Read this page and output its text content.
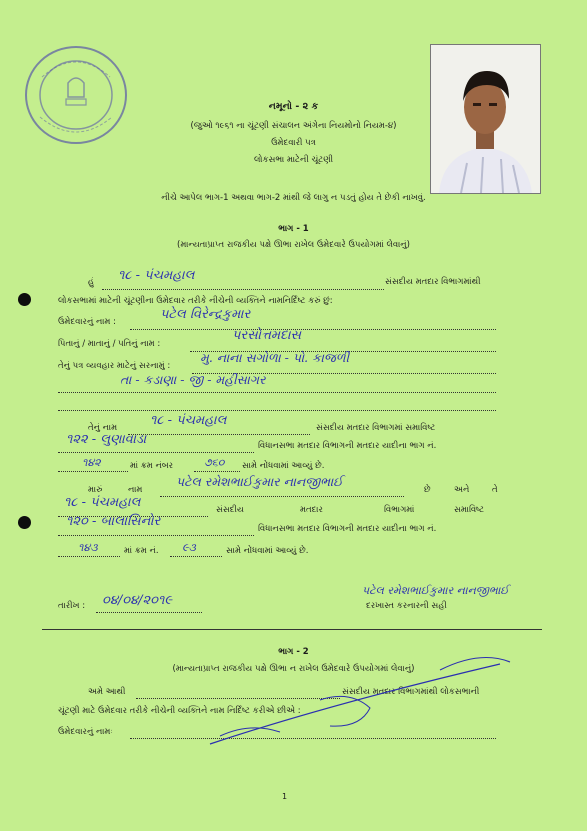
નમૂનો - ૨ ક
(જુઓ ૧૯૬૧ ના ચૂંટણી સંચાલન અંગેના નિયમોનો નિયમ-૪)
ઉમેદવારી પત્ર
લોકસભા માટેની ચૂંટણી
નીચે આપેલ ભાગ-1 અથવા ભાગ-2 માંથી જે લાગુ ન પડતું હોય તે છેકી નાખવું.
ભાગ - 1
(માન્યતાપ્રાપ્ત રાજકીય પક્ષે ઊભા રાખેલ ઉમેદવારે ઉપયોગમાં લેવાનું)
હું ૧૮ - પંચમહાલ	સંસદીય મતદાર વિભાગમાંથી
લોકસભામાં માટેની ચૂંટણીના ઉમેદવાર તરીકે નીચેની વ્યક્તિને નામનિર્દિષ્ટ કરું છું:
ઉમેદવારનું નામ :	પટેલ વિરેન્દ્રકુમાર
પિતાનું / માતાનું / પતિનું નામ :
પરસોત્તમદાસ
તેનું પત્ર વ્યવહાર માટેનું સરનામું :
મુ. નાના સગોળા - પો. કાજળી
તા - કડાણા - જી - મહીસાગર
તેનું નામ	૧૮ - પંચમહાલ	સંસદીય મતદાર વિભાગમાં સમાવિષ્ટ
૧૨૨ - લુણાવાડા	વિધાનસભા મતદાર વિભાગની મતદાર યાદીના ભાગ નં.
૧૪૨	માં ક્રમ નંબર	૭૬૦ સામે નોંધવામાં આવ્યું છે.
મારું	નામ
પટેલ રમેશભાઈકુમાર નાનજીભાઈ
છે	અને	તે
૧૮ - પંચમહાલ	સંસદીય	મતદાર	વિભાગમાં	સમાવિષ્ટ
૧૨૦ - બાલાસિનોર	વિધાનસભા મતદાર વિભાગની મતદાર યાદીના ભાગ નં.
૧૪૩	માં ક્રમ નં. ૯૩	સામે નોંધવામાં આવ્યું છે.
તારીખ : ૦૪/૦૪/૨૦૧૯
પટેલ રમેશભાઈકુમાર નાનજીભાઈ
દરખાસ્ત કરનારની સહી
ભાગ - 2
(માન્યતાપ્રાપ્ત રાજકીય પક્ષે ઊભા ન રાખેલ ઉમેદવારે ઉપયોગમાં લેવાનું)
અમે આથી	સંસદીય મતદાર વિભાગમાંથી લોકસભાની
ચૂંટણી માટે ઉમેદવાર તરીકે નીચેની વ્યક્તિને નામ નિર્દિષ્ટ કરીએ છીએ :
ઉમેદવારનું નામઃ
1
